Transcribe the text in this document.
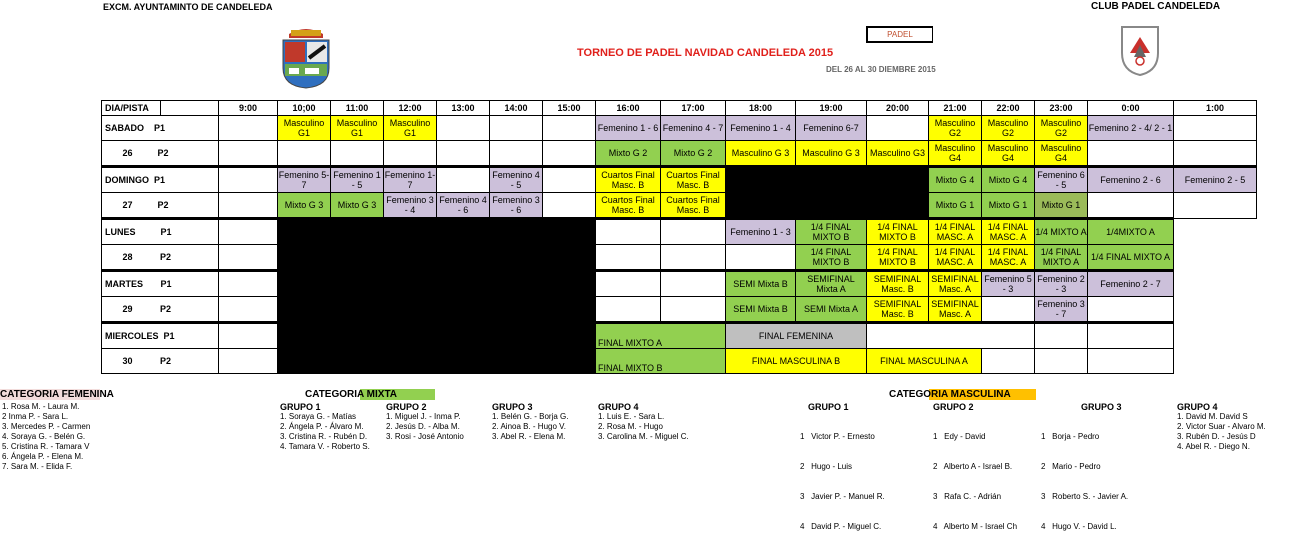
EXCM. AYUNTAMINTO DE CANDELEDA	CLUB PADEL CANDELEDA
PADEL
TORNEO DE PADEL NAVIDAD CANDELEDA 2015
DEL 26 AL 30 DIEMBRE 2015
DIA/PISTA		9:00	10;00	11:00	12:00	13:00	14:00	15:00	16:00	17:00	18:00	19:00	20:00	21:00	22:00	23:00	0:00	1:00
SABADO    P1			Masculino G1	Masculino G1	Masculino G1				Femenino 1 - 6	Femenino 4 - 7	Femenino 1 - 4	Femenino 6-7		Masculino G2	Masculino G2	Masculino G2	Femenino 2 - 4/ 2 - 1	
26          P2									Mixto G 2	Mixto G 2	Masculino G 3	Masculino G 3	Masculino G3	Masculino G4	Masculino G4	Masculino G4		
DOMINGO  P1			Femenino 5-7	Femenino 1 - 5	Femenino 1-7		Femenino 4 - 5		Cuartos Final Masc. B	Cuartos Final Masc. B				Mixto G 4	Mixto G 4	Femenino 6 - 5	Femenino 2 - 6	Femenino 2 - 5
27          P2			Mixto G 3	Mixto G 3	Femenino 3 - 4	Femenino 4 - 6	Femenino 3 - 6		Cuartos Final Masc. B	Cuartos Final Masc. B				Mixto G 1	Mixto G 1	Mixto G 1		
LUNES          P1											Femenino 1 - 3	1/4 FINAL MIXTO B	1/4 FINAL MIXTO B	1/4 FINAL MASC. A	1/4 FINAL MASC. A	1/4 MIXTO A	1/4MIXTO A	
28           P2												1/4 FINAL MIXTO B	1/4 FINAL MIXTO B	1/4 FINAL MASC. A	1/4 FINAL MASC. A	1/4 FINAL MIXTO A	1/4 FINAL MIXTO A	
MARTES       P1											SEMI Mixta B	SEMIFINAL Mixta A	SEMIFINAL Masc. B	SEMIFINAL Masc. A	Femenino 5 - 3	Femenino 2 - 3	Femenino 2 - 7	
29           P2											SEMI Mixta B	SEMI Mixta A	SEMIFINAL Masc. B	SEMIFINAL Masc. A		Femenino 3 - 7		
MIERCOLES  P1									FINAL MIXTO A		FINAL FEMENINA							
30           P2									FINAL MIXTO B		FINAL MASCULINA B		FINAL MASCULINA A					
CATEGORIA FEMENINA
1. Rosa M. - Laura M.
2 Inma P. - Sara L.
3. Mercedes P. - Carmen
4. Soraya G. - Belén G.
5. Cristina R. - Tamara V
6. Ángela P. - Elena M.
7. Sara M. - Elida F.
CATEGORIA MIXTA
GRUPO 1
1. Soraya G. - Matías
2. Ángela P. - Álvaro M.
3. Cristina R. - Rubén D.
4. Tamara V. - Roberto S.
GRUPO 2
1. Miguel J. - Inma P.
2. Jesús D. - Alba M.
3. Rosi - José Antonio
GRUPO 3
1. Belén G. - Borja G.
2. Ainoa B. - Hugo V.
3. Abel R. - Elena M.
GRUPO 4
1. Luis E. - Sara L.
2. Rosa M. - Hugo
3. Carolina M. - Miguel C.
CATEGORIA MASCULINA
GRUPO 1

1   Victor P. - Ernesto

2   Hugo - Luis

3   Javier P. - Manuel R.

4   David P. - Miguel C.

GRUPO 2

1   Edy - David

2   Alberto A - Israel B.

3   Rafa C. - Adrián

4   Alberto M - Israel Ch

GRUPO 3

1   Borja - Pedro

2   Mario - Pedro

3   Roberto S. - Javier A.

4   Hugo V. - David L.

GRUPO 4
1. David M. David S
2. Victor Suar - Alvaro M.
3. Rubén D. - Jesús D
4. Abel R. - Diego N.
